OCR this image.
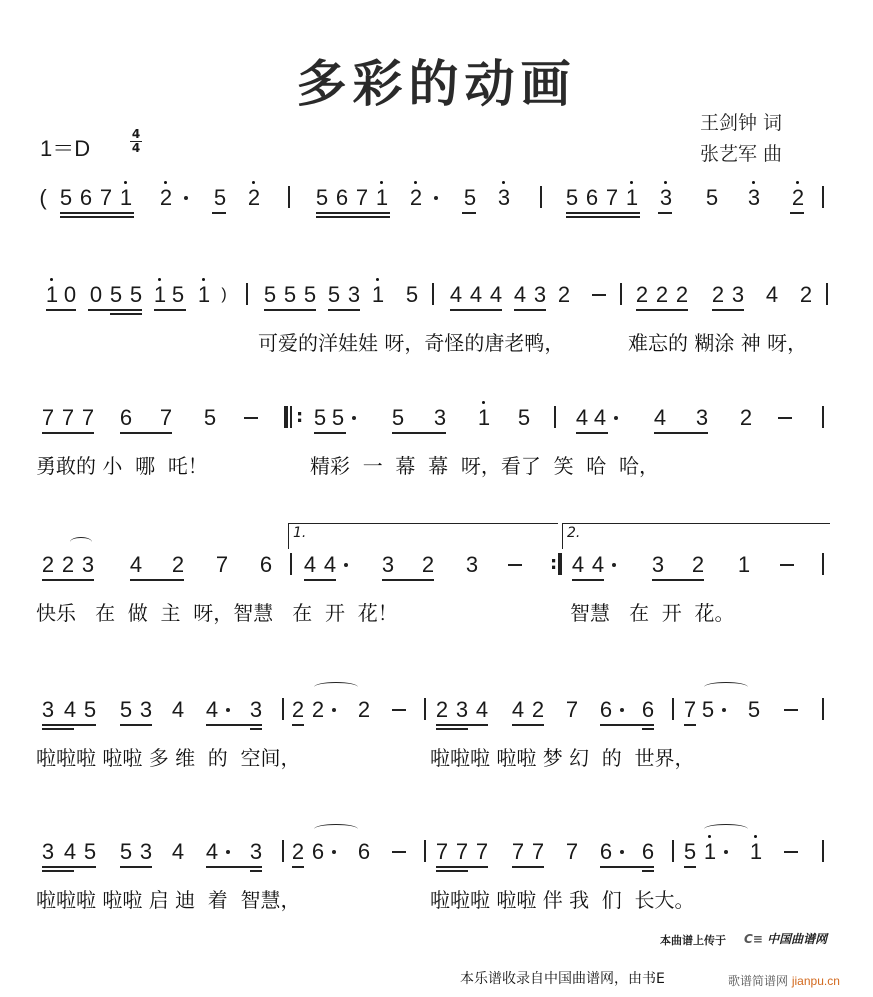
多彩的动画
1＝D
4
4
王剑钟 词
张艺军 曲
( 5 6 7 1 2 5 2	5 6 7 1 2 5 3	5 6 7 1 3 5 3 2
1 0 0 5 5 1 5 1 ) 5 5 5 5 3 1 5 4 4 4 4 3 2	2 2 2 2 3 4 2
可爱的洋娃娃 呀，奇怪的唐老鸭，	难忘的 糊涂 神 呀，
7 7 7 6 7 5	: 5 5 5 3 1 5 4 4 4 3 2
勇敢的 小  哪  吒！	精彩  一  幕  幕  呀，看了  笑  哈  哈，
1.	2.
2 2 3 4 2 7 6 4 4 3 2 3	: 4 4 3 2 1
快乐   在  做  主  呀，智慧   在  开  花！	智慧   在  开  花。
3 4 5 5 3 4 4 3 2 2 2	2 3 4 4 2 7 6 6 7 5 5
啦啦啦 啦啦 多 维  的  空间，	啦啦啦 啦啦 梦 幻  的  世界，
3 4 5 5 3 4 4 3 2 6 6	7 7 7 7 7 7 6 6 5 1 1
啦啦啦 啦啦 启 迪  着  智慧，	啦啦啦 啦啦 伴 我  们  长大。
本曲谱上传于 C≡ 中国曲谱网
本乐谱收录自中国曲谱网，由书E	歌谱简谱网 jianpu.cn
